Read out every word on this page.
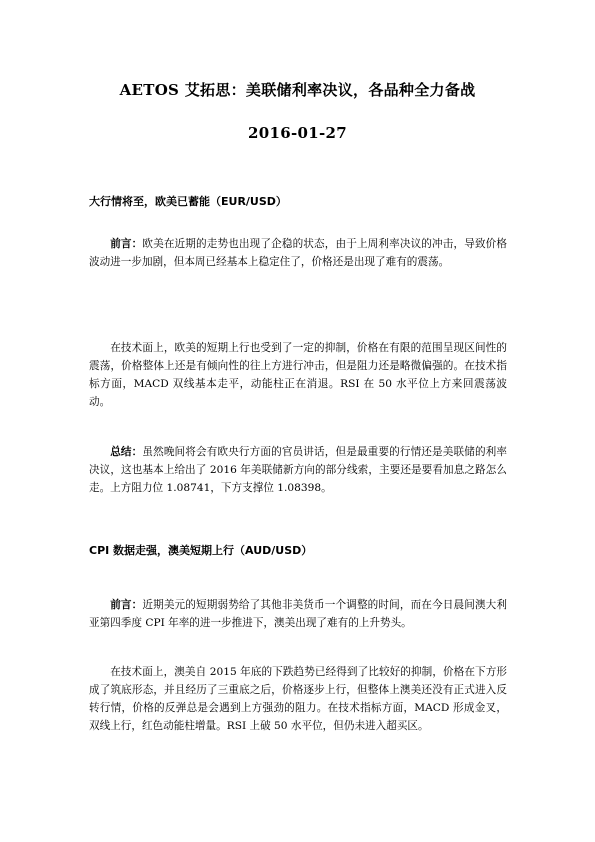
AETOS 艾拓思：美联储利率决议，各品种全力备战
2016-01-27
大行情将至，欧美已蓄能（EUR/USD）
前言：欧美在近期的走势也出现了企稳的状态，由于上周利率决议的冲击，导致价格波动进一步加剧，但本周已经基本上稳定住了，价格还是出现了难有的震荡。
在技术面上，欧美的短期上行也受到了一定的抑制，价格在有限的范围呈现区间性的震荡，价格整体上还是有倾向性的往上方进行冲击，但是阻力还是略微偏强的。在技术指标方面，MACD 双线基本走平，动能柱正在消退。RSI 在 50 水平位上方来回震荡波动。
总结：虽然晚间将会有欧央行方面的官员讲话，但是最重要的行情还是美联储的利率决议，这也基本上给出了 2016 年美联储新方向的部分线索，主要还是要看加息之路怎么走。上方阻力位 1.08741，下方支撑位 1.08398。
CPI 数据走强，澳美短期上行（AUD/USD）
前言：近期美元的短期弱势给了其他非美货币一个调整的时间，而在今日晨间澳大利亚第四季度 CPI 年率的进一步推进下，澳美出现了难有的上升势头。
在技术面上，澳美自 2015 年底的下跌趋势已经得到了比较好的抑制，价格在下方形成了筑底形态，并且经历了三重底之后，价格逐步上行，但整体上澳美还没有正式进入反转行情，价格的反弹总是会遇到上方强劲的阻力。在技术指标方面，MACD 形成金叉，双线上行，红色动能柱增量。RSI 上破 50 水平位，但仍未进入超买区。
